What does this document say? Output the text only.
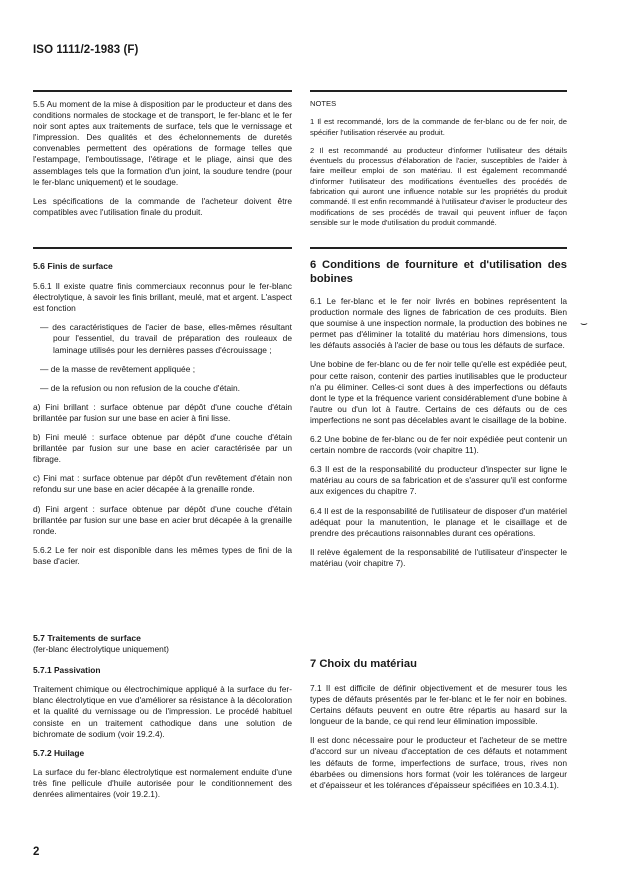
ISO 1111/2-1983 (F)

5.5 Au moment de la mise à disposition par le producteur et dans des conditions normales de stockage et de transport, le fer-blanc et le fer noir sont aptes aux traitements de surface, tels que le vernissage et l'impression. Des qualités et des échelonnements de duretés convenables permettent des opérations de formage telles que l'estampage, l'emboutissage, l'étirage et le pliage, ainsi que des assemblages tels que la formation d'un joint, la soudure tendre (pour le fer-blanc uniquement) et le soudage.

Les spécifications de la commande de l'acheteur doivent être compatibles avec l'utilisation finale du produit.

5.6 Finis de surface

5.6.1 Il existe quatre finis commerciaux reconnus pour le fer-blanc électrolytique, à savoir les finis brillant, meulé, mat et argent. L'aspect est fonction

— des caractéristiques de l'acier de base, elles-mêmes résultant pour l'essentiel, du travail de préparation des rouleaux de laminage utilisés pour les dernières passes d'écrouissage ;

— de la masse de revêtement appliquée ;

— de la refusion ou non refusion de la couche d'étain.

a) Fini brillant : surface obtenue par dépôt d'une couche d'étain brillantée par fusion sur une base en acier à fini lisse.

b) Fini meulé : surface obtenue par dépôt d'une couche d'étain brillantée par fusion sur une base en acier caractérisée par un fibrage.

c) Fini mat : surface obtenue par dépôt d'un revêtement d'étain non refondu sur une base en acier décapée à la grenaille ronde.

d) Fini argent : surface obtenue par dépôt d'une couche d'étain brillantée par fusion sur une base en acier brut décapée à la grenaille ronde.

5.6.2 Le fer noir est disponible dans les mêmes types de fini de la base d'acier.

5.7 Traitements de surface

(fer-blanc électrolytique uniquement)

5.7.1 Passivation

Traitement chimique ou électrochimique appliqué à la surface du fer-blanc électrolytique en vue d'améliorer sa résistance à la décoloration et la qualité du vernissage ou de l'impression. Le procédé habituel consiste en un traitement cathodique dans une solution de bichromate de sodium (voir 19.2.4).

5.7.2 Huilage

La surface du fer-blanc électrolytique est normalement enduite d'une très fine pellicule d'huile autorisée pour le conditionnement des denrées alimentaires (voir 19.2.1).

NOTES

1 Il est recommandé, lors de la commande de fer-blanc ou de fer noir, de spécifier l'utilisation réservée au produit.

2 Il est recommandé au producteur d'informer l'utilisateur des détails éventuels du processus d'élaboration de l'acier, susceptibles de l'aider à faire meilleur emploi de son matériau. Il est également recommandé d'informer l'utilisateur des modifications éventuelles des procédés de fabrication qui auront une influence notable sur les propriétés du produit commandé. Il est enfin recommandé à l'utilisateur d'aviser le producteur des modifications de ses procédés de travail qui peuvent influer de façon sensible sur le mode d'utilisation du produit commandé.

6 Conditions de fourniture et d'utilisation des bobines

6.1 Le fer-blanc et le fer noir livrés en bobines représentent la production normale des lignes de fabrication de ces produits. Bien que soumise à une inspection normale, la production des bobines ne permet pas d'éliminer la totalité du matériau hors dimensions, tous les défauts associés à l'acier de base ou tous les défauts de surface.

Une bobine de fer-blanc ou de fer noir telle qu'elle est expédiée peut, pour cette raison, contenir des parties inutilisables que le producteur n'a pu éliminer. Celles-ci sont dues à des imperfections ou défauts dont le type et la fréquence varient considérablement d'une bobine à l'autre ou d'un lot à l'autre. Certains de ces défauts ou de ces imperfections ne sont pas décelables avant le cisaillage de la bobine.

6.2 Une bobine de fer-blanc ou de fer noir expédiée peut contenir un certain nombre de raccords (voir chapitre 11).

6.3 Il est de la responsabilité du producteur d'inspecter sur ligne le matériau au cours de sa fabrication et de s'assurer qu'il est conforme aux exigences du chapitre 7.

6.4 Il est de la responsabilité de l'utilisateur de disposer d'un matériel adéquat pour la manutention, le planage et le cisaillage et de prendre des précautions raisonnables durant ces opérations.

Il relève également de la responsabilité de l'utilisateur d'inspecter le matériau (voir chapitre 7).

7 Choix du matériau

7.1 Il est difficile de définir objectivement et de mesurer tous les types de défauts présentés par le fer-blanc et le fer noir en bobines. Certains défauts peuvent en outre être répartis au hasard sur la longueur de la bande, ce qui rend leur élimination impossible.

Il est donc nécessaire pour le producteur et l'acheteur de se mettre d'accord sur un niveau d'acceptation de ces défauts et notamment les défauts de forme, imperfections de surface, trous, rives non ébarbées ou dimensions hors format (voir les tolérances de largeur et d'épaisseur et les tolérances d'épaisseur spécifiées en 10.3.4.1).

⌣
2
